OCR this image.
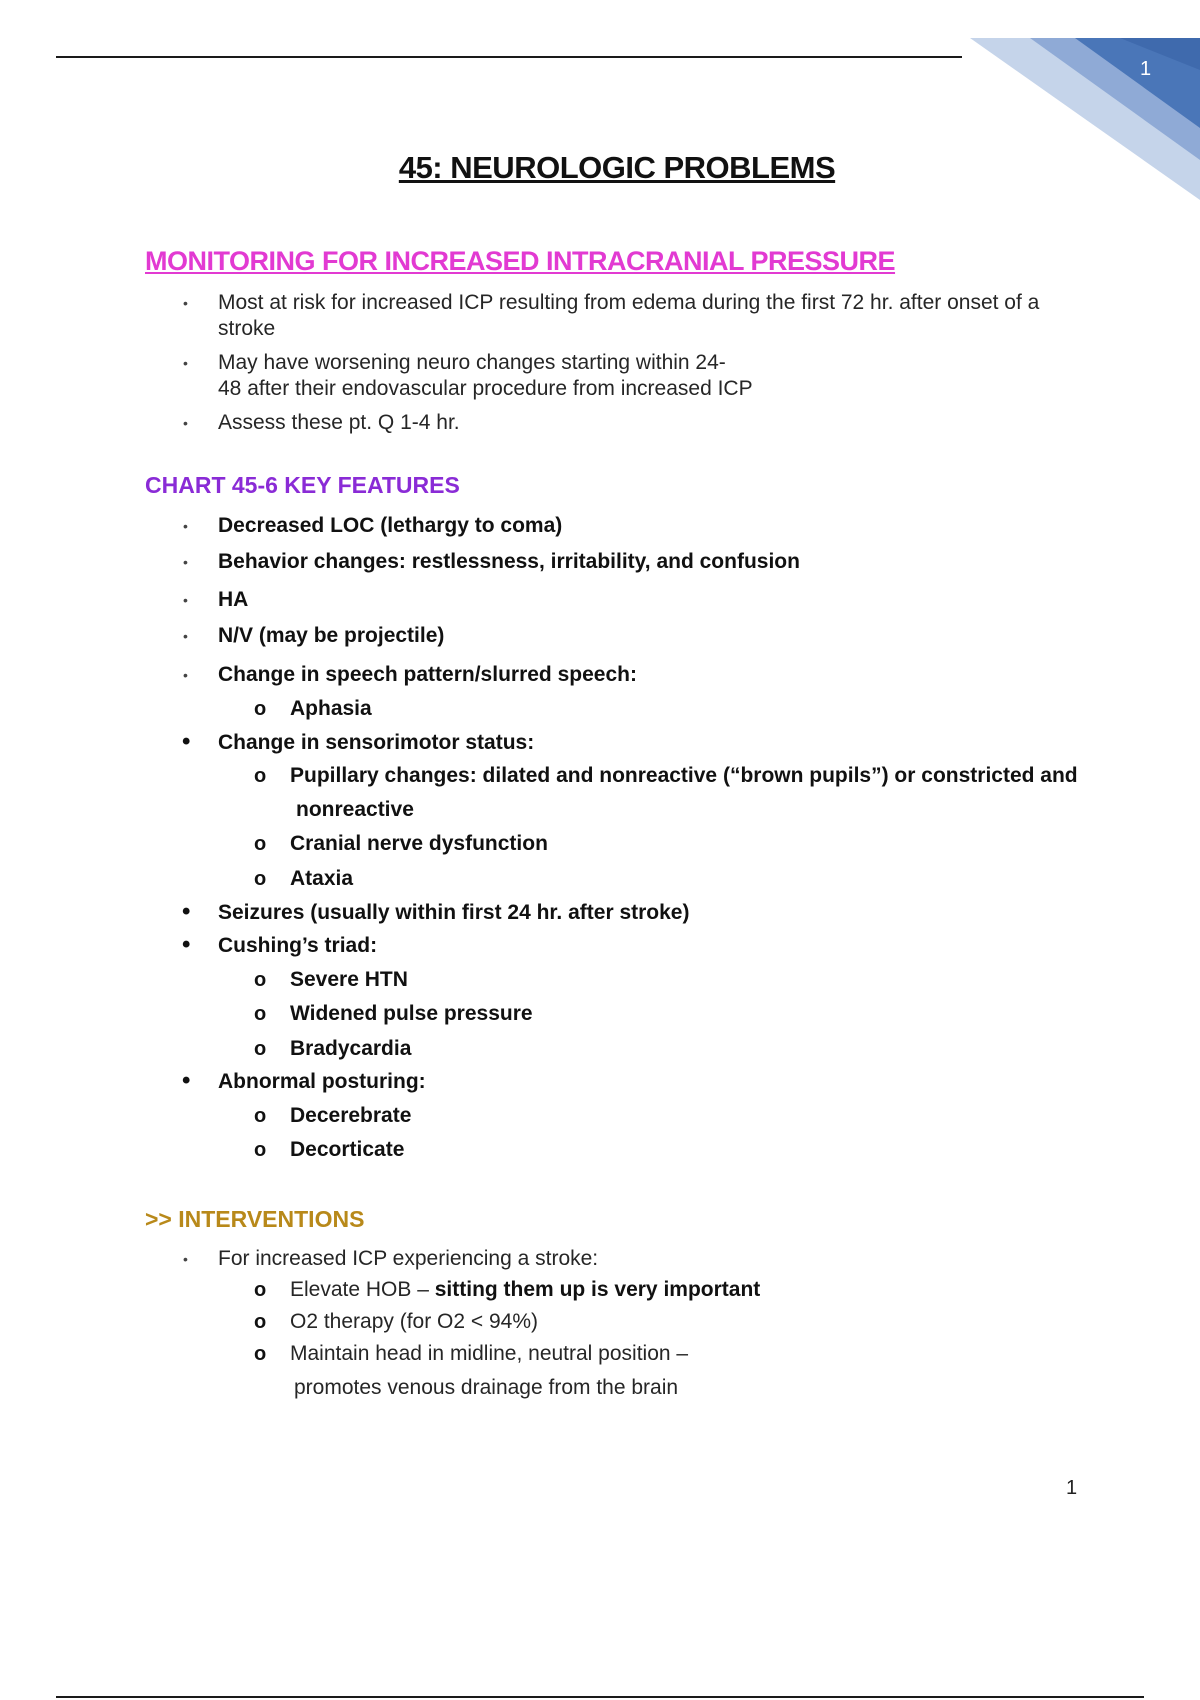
1
45: NEUROLOGIC PROBLEMS
MONITORING FOR INCREASED INTRACRANIAL PRESSURE
• Most at risk for increased ICP resulting from edema during the first 72 hr. after onset of a
stroke
• May have worsening neuro changes starting within 24-
48 after their endovascular procedure from increased ICP
• Assess these pt. Q 1-4 hr.
CHART 45-6 KEY FEATURES
• Decreased LOC (lethargy to coma)
• Behavior changes: restlessness, irritability, and confusion
• HA
• N/V (may be projectile)
• Change in speech pattern/slurred speech:
o Aphasia
• Change in sensorimotor status:
o Pupillary changes: dilated and nonreactive (“brown pupils”) or constricted and
nonreactive
o Cranial nerve dysfunction
o Ataxia
• Seizures (usually within first 24 hr. after stroke)
• Cushing’s triad:
o Severe HTN
o Widened pulse pressure
o Bradycardia
• Abnormal posturing:
o Decerebrate
o Decorticate
>> INTERVENTIONS
• For increased ICP experiencing a stroke:
o Elevate HOB – sitting them up is very important
o O2 therapy (for O2 < 94%)
o Maintain head in midline, neutral position –
promotes venous drainage from the brain
1
